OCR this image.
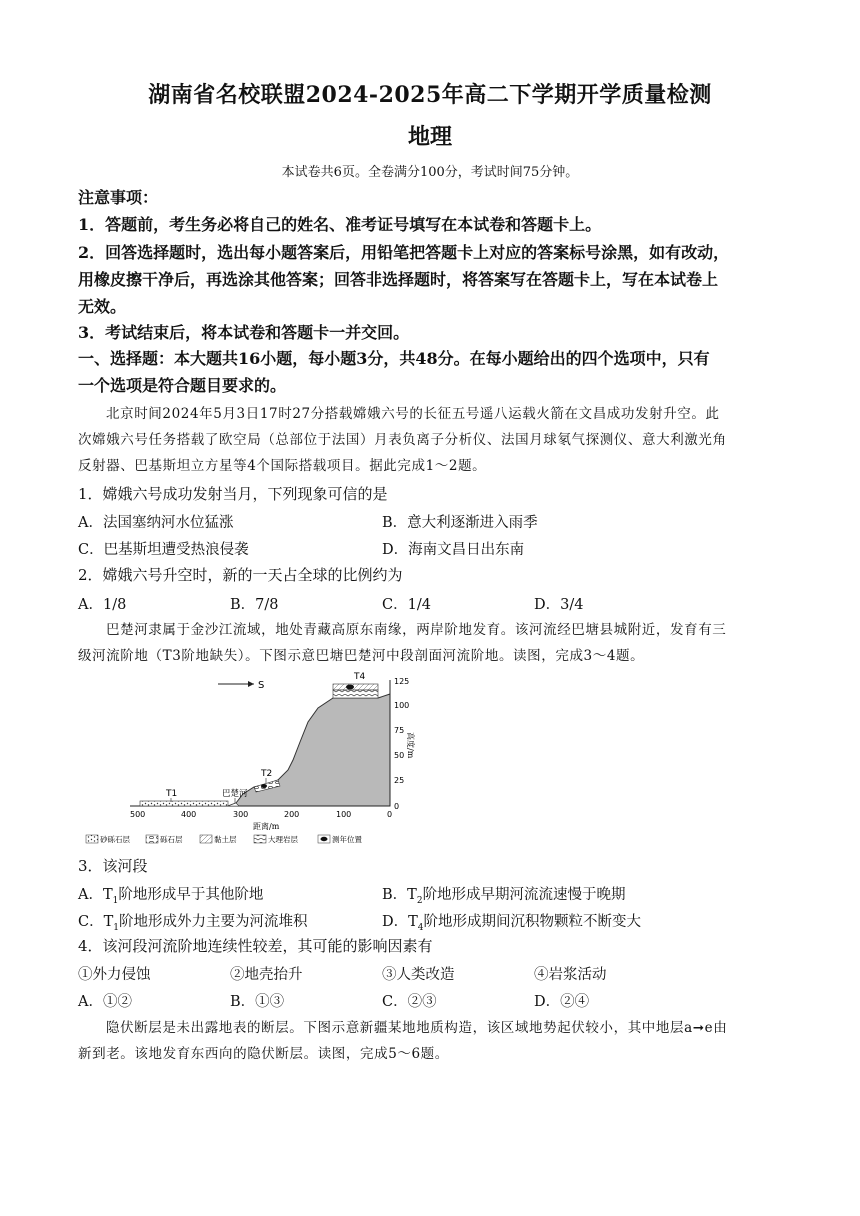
湖南省名校联盟2024-2025年高二下学期开学质量检测
地理
本试卷共6页。全卷满分100分，考试时间75分钟。
注意事项：
1．答题前，考生务必将自己的姓名、准考证号填写在本试卷和答题卡上。
2．回答选择题时，选出每小题答案后，用铅笔把答题卡上对应的答案标号涂黑，如有改动，
用橡皮擦干净后，再选涂其他答案；回答非选择题时，将答案写在答题卡上，写在本试卷上
无效。
3．考试结束后，将本试卷和答题卡一并交回。
一、选择题：本大题共16小题，每小题3分，共48分。在每小题给出的四个选项中，只有
一个选项是符合题目要求的。
北京时间2024年5月3日17时27分搭载嫦娥六号的长征五号遥八运载火箭在文昌成功发射升空。此
次嫦娥六号任务搭载了欧空局（总部位于法国）月表负离子分析仪、法国月球氡气探测仪、意大利激光角
反射器、巴基斯坦立方星等4个国际搭载项目。据此完成1～2题。
1．嫦娥六号成功发射当月，下列现象可信的是
A．法国塞纳河水位猛涨	B．意大利逐渐进入雨季
C．巴基斯坦遭受热浪侵袭	D．海南文昌日出东南
2．嫦娥六号升空时，新的一天占全球的比例约为
A．1/8	B．7/8	C．1/4	D．3/4
巴楚河隶属于金沙江流域，地处青藏高原东南缘，两岸阶地发育。该河流经巴塘县城附近，发育有三
级河流阶地（T3阶地缺失）。下图示意巴塘巴楚河中段剖面河流阶地。读图，完成3～4题。
S
T1
T2
T4
巴楚河
125
100
75
50
25
0
高度/m
500	400	300	200	100	0
距离/m
砂砾石层	砾石层	黏土层	大理岩层	测年位置
3．该河段
A．$T_1$阶地形成早于其他阶地	B．$T_2$阶地形成早期河流流速慢于晚期
C．$T_1$阶地形成外力主要为河流堆积	D．$T_4$阶地形成期间沉积物颗粒不断变大
4．该河段河流阶地连续性较差，其可能的影响因素有
①外力侵蚀	②地壳抬升	③人类改造	④岩浆活动
A．①②	B．①③	C．②③	D．②④
隐伏断层是未出露地表的断层。下图示意新疆某地地质构造，该区域地势起伏较小，其中地层a➞e由
新到老。该地发育东西向的隐伏断层。读图，完成5～6题。
